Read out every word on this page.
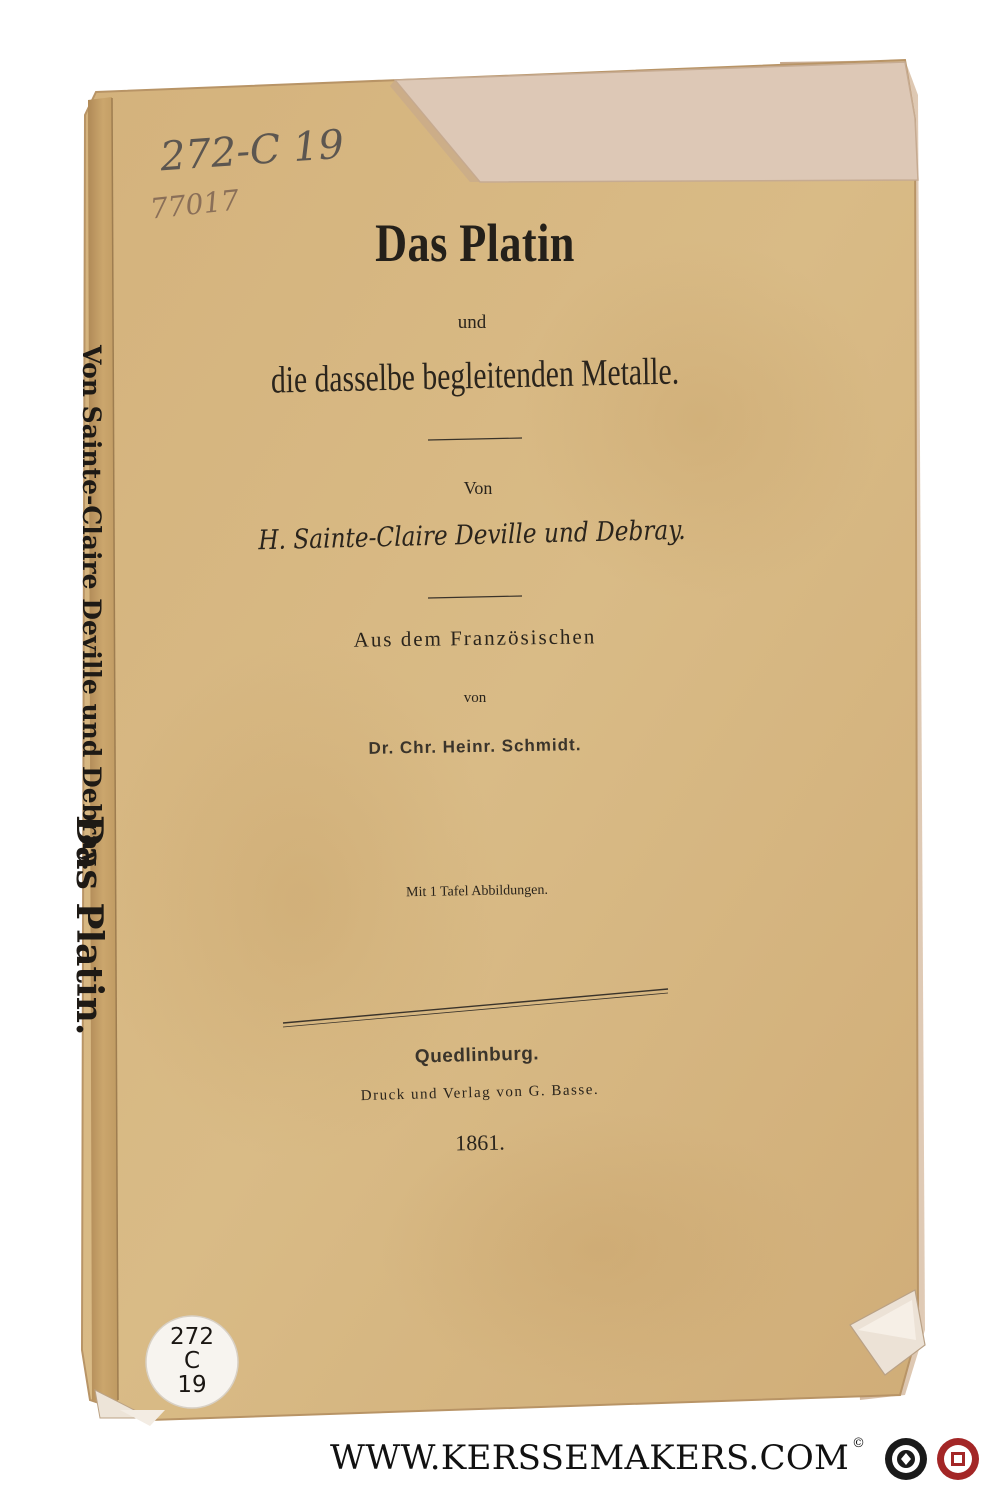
272-C 19
77017
Das Platin
und
die dasselbe begleitenden Metalle.
Von
H. Sainte-Claire Deville und Debray.
Aus dem Französischen
von
Dr. Chr. Heinr. Schmidt.
Mit 1 Tafel Abbildungen.
Quedlinburg.
Druck und Verlag von G. Basse.
1861.
Von Sainte-Claire Deville und Debray.
Das Platin.
272
C
19
WWW.KERSSEMAKERS.COM ©
